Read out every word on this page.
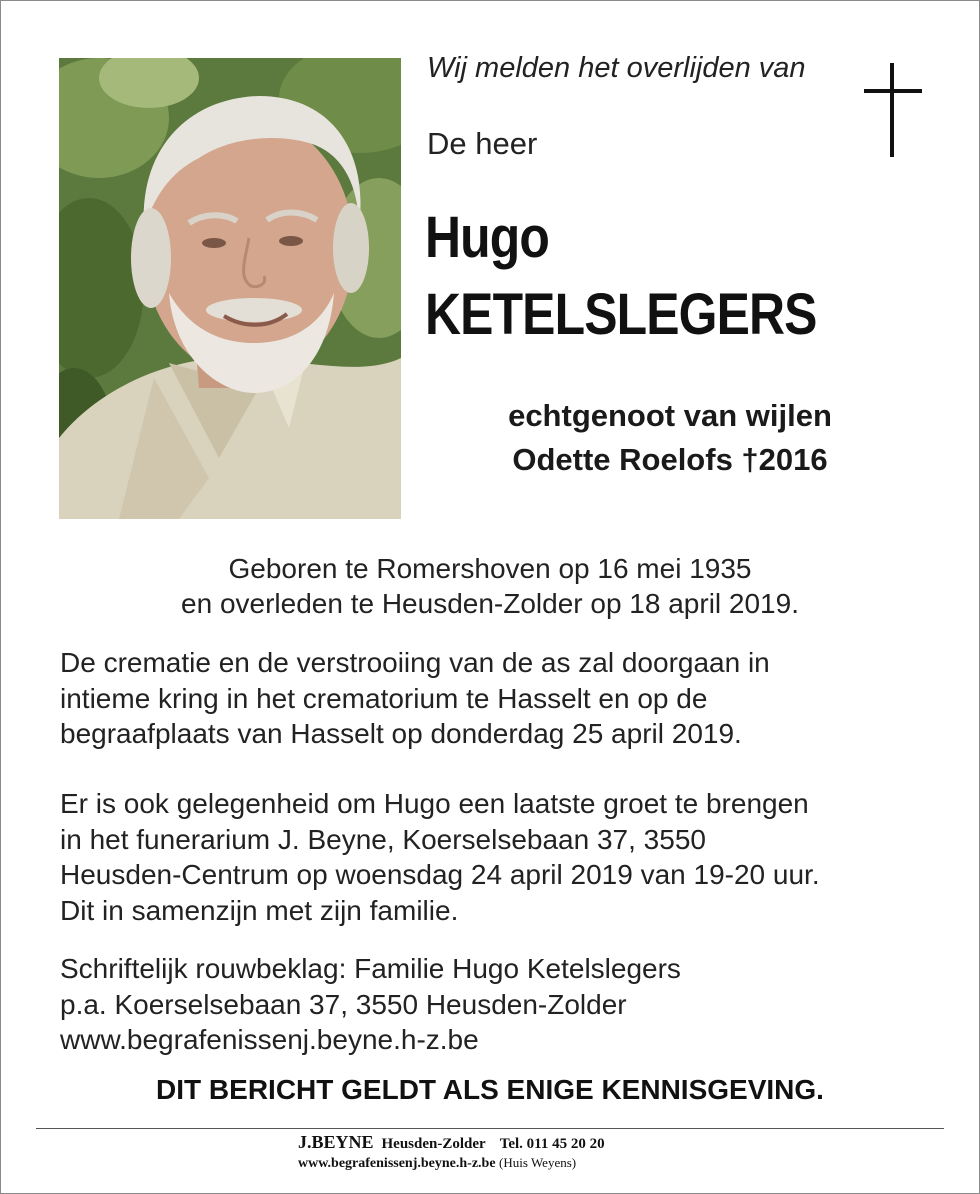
Wij melden het overlijden van
De heer
Hugo
KETELSLEGERS
echtgenoot van wijlen
Odette Roelofs †2016
Geboren te Romershoven op 16 mei 1935
en overleden te Heusden-Zolder op 18 april 2019.
De crematie en de verstrooiing van de as zal doorgaan in
intieme kring in het crematorium te Hasselt en op de
begraafplaats van Hasselt op donderdag 25 april 2019.
Er is ook gelegenheid om Hugo een laatste groet te brengen
in het funerarium J. Beyne, Koerselsebaan 37, 3550
Heusden-Centrum op woensdag 24 april 2019 van 19-20 uur.
Dit in samenzijn met zijn familie.
Schriftelijk rouwbeklag: Familie Hugo Ketelslegers
p.a. Koerselsebaan 37, 3550 Heusden-Zolder
www.begrafenissenj.beyne.h-z.be
DIT BERICHT GELDT ALS ENIGE KENNISGEVING.
J.BEYNE Heusden-Zolder Tel. 011 45 20 20
www.begrafenissenj.beyne.h-z.be (Huis Weyens)
